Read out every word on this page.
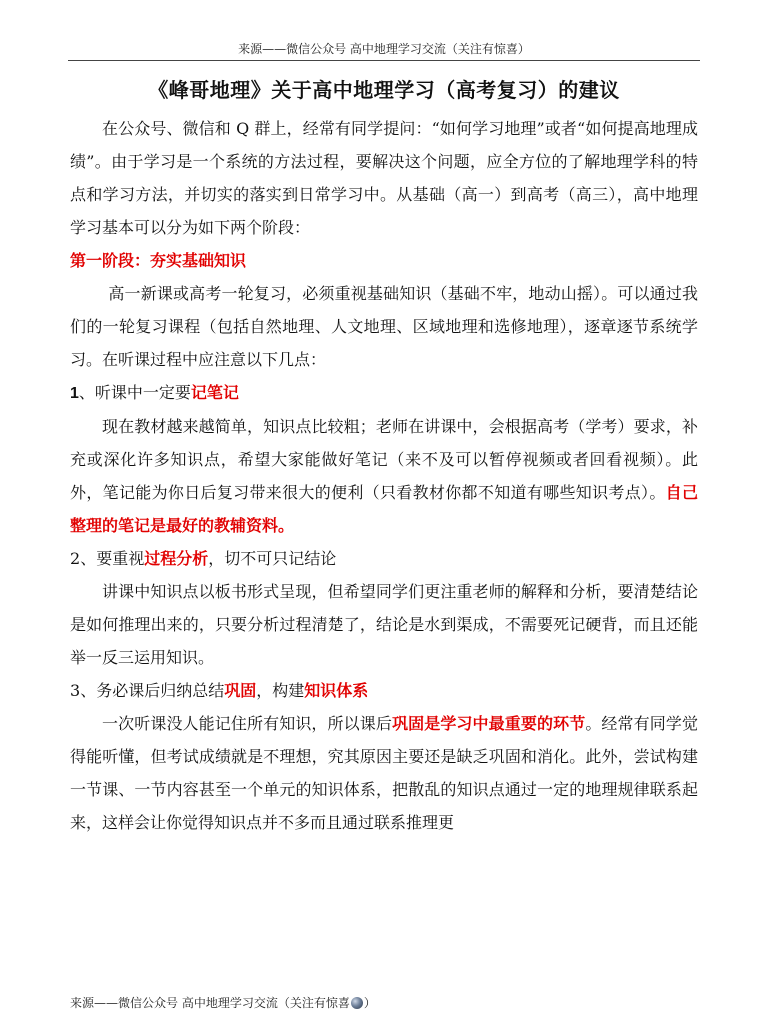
来源——微信公众号 高中地理学习交流（关注有惊喜）
《峰哥地理》关于高中地理学习（高考复习）的建议

在公众号、微信和 Q 群上，经常有同学提问：“如何学习地理”或者“如何提高地理成绩”。由于学习是一个系统的方法过程，要解决这个问题，应全方位的了解地理学科的特点和学习方法，并切实的落实到日常学习中。从基础（高一）到高考（高三），高中地理学习基本可以分为如下两个阶段：

第一阶段：夯实基础知识

高一新课或高考一轮复习，必须重视基础知识（基础不牢，地动山摇）。可以通过我们的一轮复习课程（包括自然地理、人文地理、区域地理和选修地理），逐章逐节系统学习。在听课过程中应注意以下几点：

1、听课中一定要记笔记

现在教材越来越简单，知识点比较粗；老师在讲课中，会根据高考（学考）要求，补充或深化许多知识点，希望大家能做好笔记（来不及可以暂停视频或者回看视频）。此外，笔记能为你日后复习带来很大的便利（只看教材你都不知道有哪些知识考点）。自己整理的笔记是最好的教辅资料。

2、要重视过程分析，切不可只记结论

讲课中知识点以板书形式呈现，但希望同学们更注重老师的解释和分析，要清楚结论是如何推理出来的，只要分析过程清楚了，结论是水到渠成，不需要死记硬背，而且还能举一反三运用知识。

3、务必课后归纳总结巩固，构建知识体系

一次听课没人能记住所有知识，所以课后巩固是学习中最重要的环节。经常有同学觉得能听懂，但考试成绩就是不理想，究其原因主要还是缺乏巩固和消化。此外，尝试构建一节课、一节内容甚至一个单元的知识体系，把散乱的知识点通过一定的地理规律联系起来，这样会让你觉得知识点并不多而且通过联系推理更

来源——微信公众号 高中地理学习交流（关注有惊喜 ）
